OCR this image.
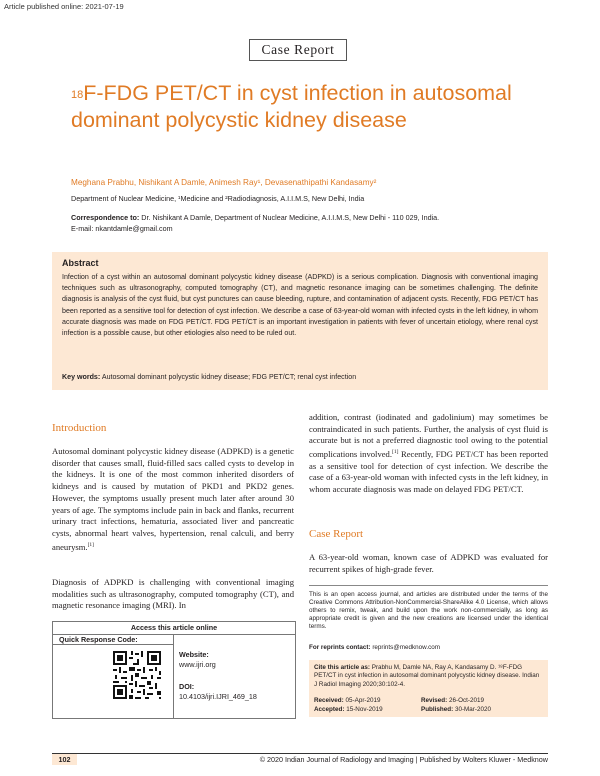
Article published online: 2021-07-19
Case Report
$^{18}$F-FDG PET/CT in cyst infection in autosomal dominant polycystic kidney disease
Meghana Prabhu, Nishikant A Damle, Animesh Ray¹, Devasenathipathi Kandasamy²
Department of Nuclear Medicine, ¹Medicine and ²Radiodiagnosis, A.I.I.M.S, New Delhi, India
Correspondence to: Dr. Nishikant A Damle, Department of Nuclear Medicine, A.I.I.M.S, New Delhi - 110 029, India.
E-mail: nkantdamle@gmail.com
Abstract
Infection of a cyst within an autosomal dominant polycystic kidney disease (ADPKD) is a serious complication. Diagnosis with conventional imaging techniques such as ultrasonography, computed tomography (CT), and magnetic resonance imaging can be sometimes challenging. The definite diagnosis is analysis of the cyst fluid, but cyst punctures can cause bleeding, rupture, and contamination of adjacent cysts. Recently, FDG PET/CT has been reported as a sensitive tool for detection of cyst infection. We describe a case of 63-year-old woman with infected cysts in the left kidney, in whom accurate diagnosis was made on FDG PET/CT. FDG PET/CT is an important investigation in patients with fever of uncertain etiology, where renal cyst infection is a possible cause, but other etiologies also need to be ruled out.
Key words: Autosomal dominant polycystic kidney disease; FDG PET/CT; renal cyst infection
Introduction
Autosomal dominant polycystic kidney disease (ADPKD) is a genetic disorder that causes small, fluid-filled sacs called cysts to develop in the kidneys. It is one of the most common inherited disorders of kidneys and is caused by mutation of PKD1 and PKD2 genes. However, the symptoms usually present much later after around 30 years of age. The symptoms include pain in back and flanks, recurrent urinary tract infections, hematuria, associated liver and pancreatic cysts, abnormal heart valves, hypertension, renal calculi, and berry aneurysm.[1]
Diagnosis of ADPKD is challenging with conventional imaging modalities such as ultrasonography, computed tomography (CT), and magnetic resonance imaging (MRI). In
Access this article online
Quick Response Code:
Website:
www.ijri.org
DOI:
10.4103/ijri.IJRI_469_18
addition, contrast (iodinated and gadolinium) may sometimes be contraindicated in such patients. Further, the analysis of cyst fluid is accurate but is not a preferred diagnostic tool owing to the potential complications involved.[1] Recently, FDG PET/CT has been reported as a sensitive tool for detection of cyst infection. We describe the case of a 63-year-old woman with infected cysts in the left kidney, in whom accurate diagnosis was made on delayed FDG PET/CT.
Case Report
A 63-year-old woman, known case of ADPKD was evaluated for recurrent spikes of high-grade fever.
This is an open access journal, and articles are distributed under the terms of the Creative Commons Attribution-NonCommercial-ShareAlike 4.0 License, which allows others to remix, tweak, and build upon the work non-commercially, as long as appropriate credit is given and the new creations are licensed under the identical terms.
For reprints contact: reprints@medknow.com
Cite this article as: Prabhu M, Damle NA, Ray A, Kandasamy D. ¹⁸F-FDG PET/CT in cyst infection in autosomal dominant polycystic kidney disease. Indian J Radiol Imaging 2020;30:102-4.
Received: 05-Apr-2019	Revised: 26-Oct-2019
Accepted: 15-Nov-2019	Published: 30-Mar-2020
102	© 2020 Indian Journal of Radiology and Imaging | Published by Wolters Kluwer - Medknow
